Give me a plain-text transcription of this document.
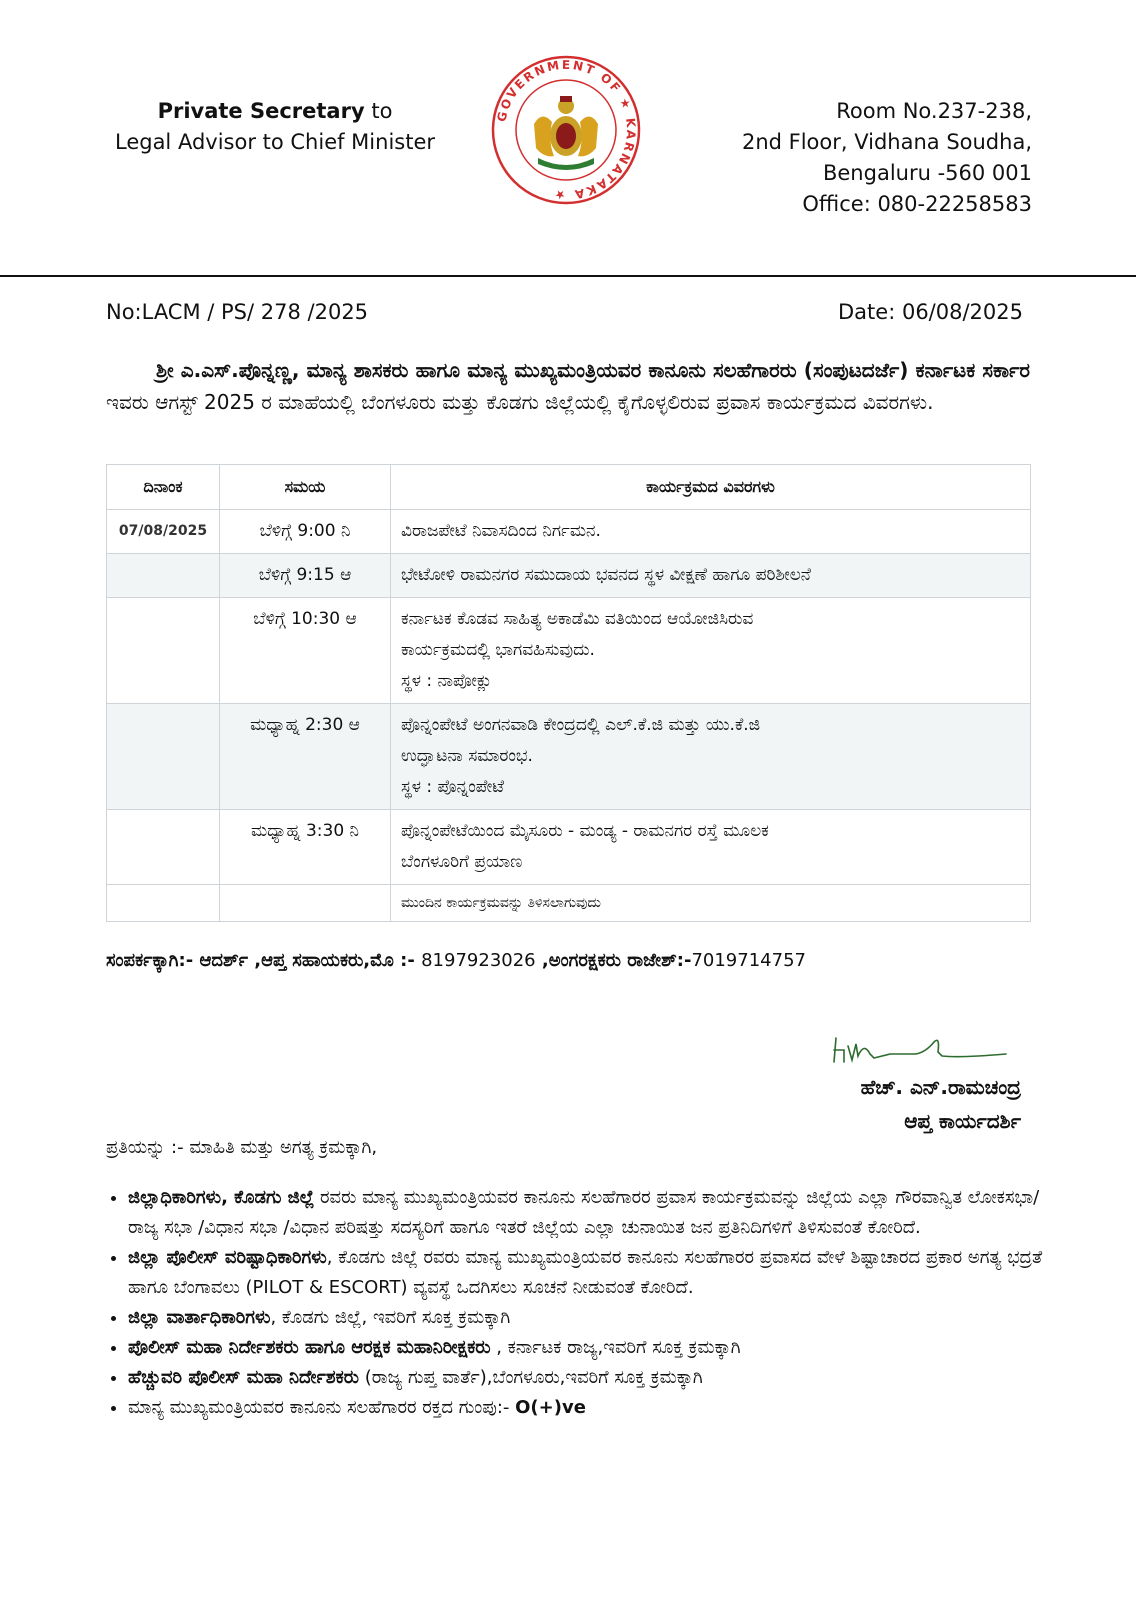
Private Secretary to
Legal Advisor to Chief Minister
GOVERNMENT OF ★ KARNATAKA ★
Room No.237-238,
2nd Floor, Vidhana Soudha,
Bengaluru -560 001
Office: 080-22258583
No:LACM / PS/ 278 /2025	Date: 06/08/2025
   ಶ್ರೀ ಎ.ಎಸ್.ಪೊನ್ನಣ್ಣ, ಮಾನ್ಯ ಶಾಸಕರು ಹಾಗೂ ಮಾನ್ಯ ಮುಖ್ಯಮಂತ್ರಿಯವರ ಕಾನೂನು ಸಲಹೆಗಾರರು (ಸಂಪುಟದರ್ಜೆ) ಕರ್ನಾಟಕ ಸರ್ಕಾರ ಇವರು ಆಗಸ್ಟ್ 2025 ರ ಮಾಹೆಯಲ್ಲಿ ಬೆಂಗಳೂರು ಮತ್ತು ಕೊಡಗು ಜಿಲ್ಲೆಯಲ್ಲಿ ಕೈಗೊಳ್ಳಲಿರುವ ಪ್ರವಾಸ ಕಾರ್ಯಕ್ರಮದ ವಿವರಗಳು.
ದಿನಾಂಕ	ಸಮಯ	ಕಾರ್ಯಕ್ರಮದ ವಿವರಗಳು
07/08/2025	ಬೆಳಿಗ್ಗೆ 9:00 ನಿ	ವಿರಾಜಪೇಟೆ ನಿವಾಸದಿಂದ ನಿರ್ಗಮನ.

	ಬೆಳಿಗ್ಗೆ 9:15 ಆ	ಭೇಟೋಳಿ ರಾಮನಗರ ಸಮುದಾಯ ಭವನದ ಸ್ಥಳ ವೀಕ್ಷಣೆ ಹಾಗೂ ಪರಿಶೀಲನೆ

	ಬೆಳಿಗ್ಗೆ 10:30 ಆ	ಕರ್ನಾಟಕ ಕೊಡವ ಸಾಹಿತ್ಯ ಅಕಾಡೆಮಿ ವತಿಯಿಂದ ಆಯೋಜಿಸಿರುವ
ಕಾರ್ಯಕ್ರಮದಲ್ಲಿ ಭಾಗವಹಿಸುವುದು.
ಸ್ಥಳ : ನಾಪೋಕ್ಲು

	ಮಧ್ಯಾಹ್ನ 2:30 ಆ	ಪೊನ್ನಂಪೇಟೆ ಅಂಗನವಾಡಿ ಕೇಂದ್ರದಲ್ಲಿ ಎಲ್.ಕೆ.ಜಿ ಮತ್ತು ಯು.ಕೆ.ಜಿ
ಉದ್ಘಾಟನಾ ಸಮಾರಂಭ.
ಸ್ಥಳ : ಪೊನ್ನಂಪೇಟೆ

	ಮಧ್ಯಾಹ್ನ 3:30 ನಿ	ಪೊನ್ನಂಪೇಟೆಯಿಂದ ಮೈಸೂರು - ಮಂಡ್ಯ - ರಾಮನಗರ ರಸ್ತೆ ಮೂಲಕ
ಬೆಂಗಳೂರಿಗೆ ಪ್ರಯಾಣ

		ಮುಂದಿನ ಕಾರ್ಯಕ್ರಮವನ್ನು ತಿಳಿಸಲಾಗುವುದು
ಸಂಪರ್ಕಕ್ಕಾಗಿ:- ಆದರ್ಶ್ ,ಆಪ್ತ ಸಹಾಯಕರು,ಮೊ :- 8197923026 ,ಅಂಗರಕ್ಷಕರು ರಾಜೇಶ್:-7019714757
ಹೆಚ್. ಎನ್.ರಾಮಚಂದ್ರ
ಆಪ್ತ ಕಾರ್ಯದರ್ಶಿ
ಪ್ರತಿಯನ್ನು :- ಮಾಹಿತಿ ಮತ್ತು ಅಗತ್ಯ ಕ್ರಮಕ್ಕಾಗಿ,
• ಜಿಲ್ಲಾಧಿಕಾರಿಗಳು, ಕೊಡಗು ಜಿಲ್ಲೆ ರವರು ಮಾನ್ಯ ಮುಖ್ಯಮಂತ್ರಿಯವರ ಕಾನೂನು ಸಲಹೆಗಾರರ ಪ್ರವಾಸ ಕಾರ್ಯಕ್ರಮವನ್ನು ಜಿಲ್ಲೆಯ ಎಲ್ಲಾ ಗೌರವಾನ್ವಿತ ಲೋಕಸಭಾ/ರಾಜ್ಯ ಸಭಾ /ವಿಧಾನ ಸಭಾ /ವಿಧಾನ ಪರಿಷತ್ತು ಸದಸ್ಯರಿಗೆ ಹಾಗೂ ಇತರೆ ಜಿಲ್ಲೆಯ ಎಲ್ಲಾ ಚುನಾಯಿತ ಜನ ಪ್ರತಿನಿದಿಗಳಿಗೆ ತಿಳಿಸುವಂತೆ ಕೋರಿದೆ.
• ಜಿಲ್ಲಾ ಪೊಲೀಸ್ ವರಿಷ್ಟಾಧಿಕಾರಿಗಳು, ಕೊಡಗು ಜಿಲ್ಲೆ ರವರು ಮಾನ್ಯ ಮುಖ್ಯಮಂತ್ರಿಯವರ ಕಾನೂನು ಸಲಹೆಗಾರರ ಪ್ರವಾಸದ ವೇಳೆ ಶಿಷ್ಟಾಚಾರದ ಪ್ರಕಾರ ಅಗತ್ಯ ಭದ್ರತೆ ಹಾಗೂ ಬೆಂಗಾವಲು (PILOT & ESCORT) ವ್ಯವಸ್ಥೆ ಒದಗಿಸಲು ಸೂಚನೆ ನೀಡುವಂತೆ ಕೋರಿದೆ.
• ಜಿಲ್ಲಾ ವಾರ್ತಾಧಿಕಾರಿಗಳು, ಕೊಡಗು ಜಿಲ್ಲೆ, ಇವರಿಗೆ ಸೂಕ್ತ ಕ್ರಮಕ್ಕಾಗಿ
• ಪೊಲೀಸ್ ಮಹಾ ನಿರ್ದೇಶಕರು ಹಾಗೂ ಆರಕ್ಷಕ ಮಹಾನಿರೀಕ್ಷಕರು , ಕರ್ನಾಟಕ ರಾಜ್ಯ,ಇವರಿಗೆ ಸೂಕ್ತ ಕ್ರಮಕ್ಕಾಗಿ
• ಹೆಚ್ಚುವರಿ ಪೊಲೀಸ್ ಮಹಾ ನಿರ್ದೇಶಕರು (ರಾಜ್ಯ ಗುಪ್ತ ವಾರ್ತೆ),ಬೆಂಗಳೂರು,ಇವರಿಗೆ ಸೂಕ್ತ ಕ್ರಮಕ್ಕಾಗಿ
• ಮಾನ್ಯ ಮುಖ್ಯಮಂತ್ರಿಯವರ ಕಾನೂನು ಸಲಹೆಗಾರರ ರಕ್ತದ ಗುಂಪು:- O(+)ve
